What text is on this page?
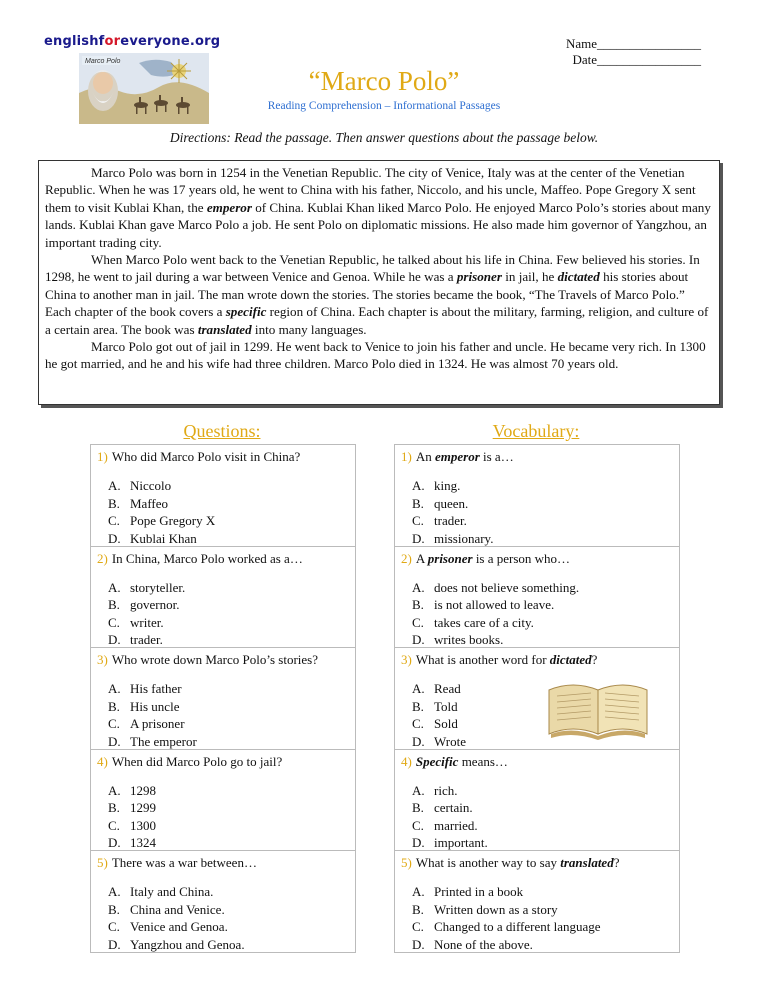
englishforeveryone.org
Marco Polo
Name________________
Date________________
“Marco Polo”
Reading Comprehension – Informational Passages
Directions: Read the passage. Then answer questions about the passage below.

Marco Polo was born in 1254 in the Venetian Republic. The city of Venice, Italy was at the center of the Venetian Republic. When he was 17 years old, he went to China with his father, Niccolo, and his uncle, Maffeo. Pope Gregory X sent them to visit Kublai Khan, the emperor of China. Kublai Khan liked Marco Polo. He enjoyed Marco Polo’s stories about many lands. Kublai Khan gave Marco Polo a job. He sent Polo on diplomatic missions. He also made him governor of Yangzhou, an important trading city.

When Marco Polo went back to the Venetian Republic, he talked about his life in China. Few believed his stories. In 1298, he went to jail during a war between Venice and Genoa. While he was a prisoner in jail, he dictated his stories about China to another man in jail. The man wrote down the stories. The stories became the book, “The Travels of Marco Polo.” Each chapter of the book covers a specific region of China. Each chapter is about the military, farming, religion, and culture of a certain area. The book was translated into many languages.

Marco Polo got out of jail in 1299. He went back to Venice to join his father and uncle. He became very rich. In 1300 he got married, and he and his wife had three children. Marco Polo died in 1324. He was almost 70 years old.

Questions:	Vocabulary:
1) Who did Marco Polo visit in China?
A. Niccolo
B. Maffeo
C. Pope Gregory X
D. Kublai Khan
2) In China, Marco Polo worked as a…
A. storyteller.
B. governor.
C. writer.
D. trader.
3) Who wrote down Marco Polo’s stories?
A. His father
B. His uncle
C. A prisoner
D. The emperor
4) When did Marco Polo go to jail?
A. 1298
B. 1299
C. 1300
D. 1324
5) There was a war between…
A. Italy and China.
B. China and Venice.
C. Venice and Genoa.
D. Yangzhou and Genoa.
1) An emperor is a…
A. king.
B. queen.
C. trader.
D. missionary.
2) A prisoner is a person who…
A. does not believe something.
B. is not allowed to leave.
C. takes care of a city.
D. writes books.
3) What is another word for dictated?
A. Read
B. Told
C. Sold
D. Wrote
4) Specific means…
A. rich.
B. certain.
C. married.
D. important.
5) What is another way to say translated?
A. Printed in a book
B. Written down as a story
C. Changed to a different language
D. None of the above.
